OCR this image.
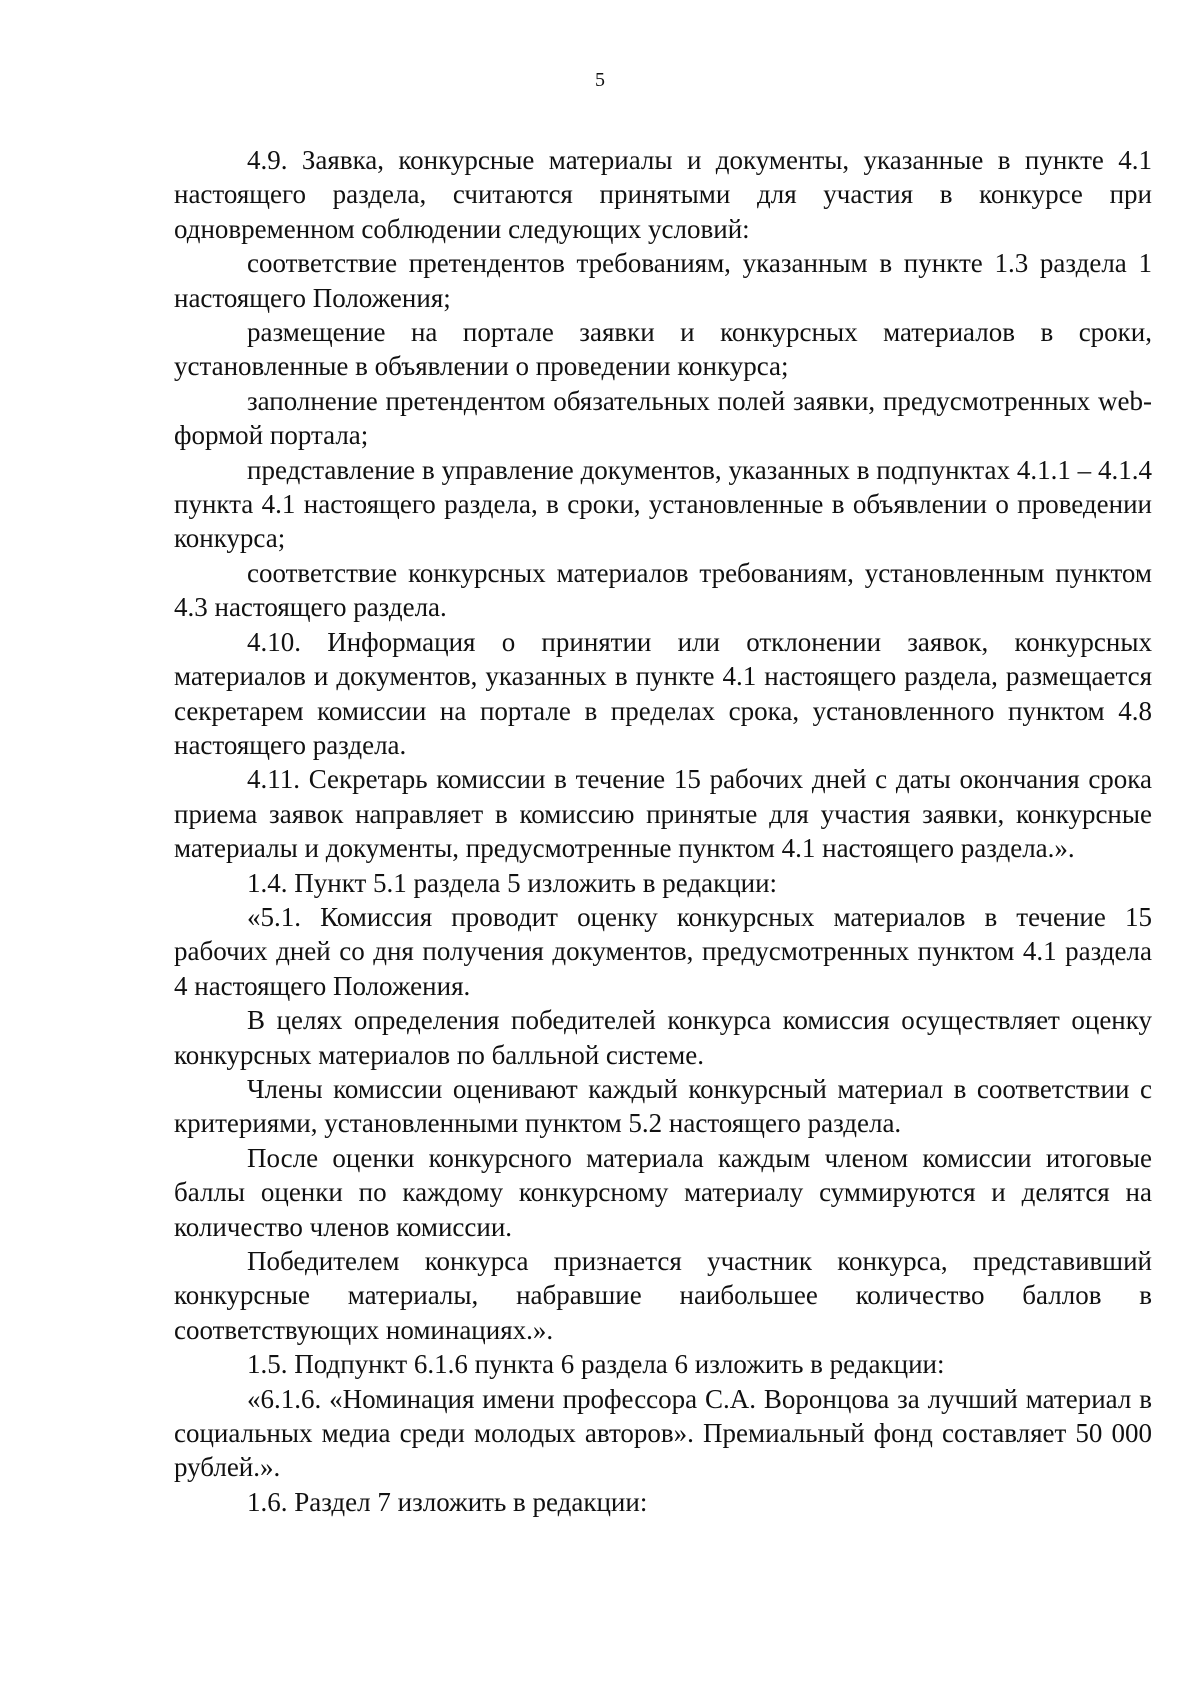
5

4.9. Заявка, конкурсные материалы и документы, указанные в пункте 4.1 настоящего раздела, считаются принятыми для участия в конкурсе при одновременном соблюдении следующих условий:

соответствие претендентов требованиям, указанным в пункте 1.3 раздела 1 настоящего Положения;

размещение на портале заявки и конкурсных материалов в сроки, установленные в объявлении о проведении конкурса;

заполнение претендентом обязательных полей заявки, предусмотренных web-формой портала;

представление в управление документов, указанных в подпунктах 4.1.1 – 4.1.4 пункта 4.1 настоящего раздела, в сроки, установленные в объявлении о проведении конкурса;

соответствие конкурсных материалов требованиям, установленным пунктом 4.3 настоящего раздела.

4.10. Информация о принятии или отклонении заявок, конкурсных материалов и документов, указанных в пункте 4.1 настоящего раздела, размещается секретарем комиссии на портале в пределах срока, установленного пунктом 4.8 настоящего раздела.

4.11. Секретарь комиссии в течение 15 рабочих дней с даты окончания срока приема заявок направляет в комиссию принятые для участия заявки, конкурсные материалы и документы, предусмотренные пунктом 4.1 настоящего раздела.».

1.4. Пункт 5.1 раздела 5 изложить в редакции:

«5.1. Комиссия проводит оценку конкурсных материалов в течение 15 рабочих дней со дня получения документов, предусмотренных пунктом 4.1 раздела 4 настоящего Положения.

В целях определения победителей конкурса комиссия осуществляет оценку конкурсных материалов по балльной системе.

Члены комиссии оценивают каждый конкурсный материал в соответствии с критериями, установленными пунктом 5.2 настоящего раздела.

После оценки конкурсного материала каждым членом комиссии итоговые баллы оценки по каждому конкурсному материалу суммируются и делятся на количество членов комиссии.

Победителем конкурса признается участник конкурса, представивший конкурсные материалы, набравшие наибольшее количество баллов в соответствующих номинациях.».

1.5. Подпункт 6.1.6 пункта 6 раздела 6 изложить в редакции:

«6.1.6. «Номинация имени профессора С.А. Воронцова за лучший материал в социальных медиа среди молодых авторов». Премиальный фонд составляет 50 000 рублей.».

1.6. Раздел 7 изложить в редакции:
